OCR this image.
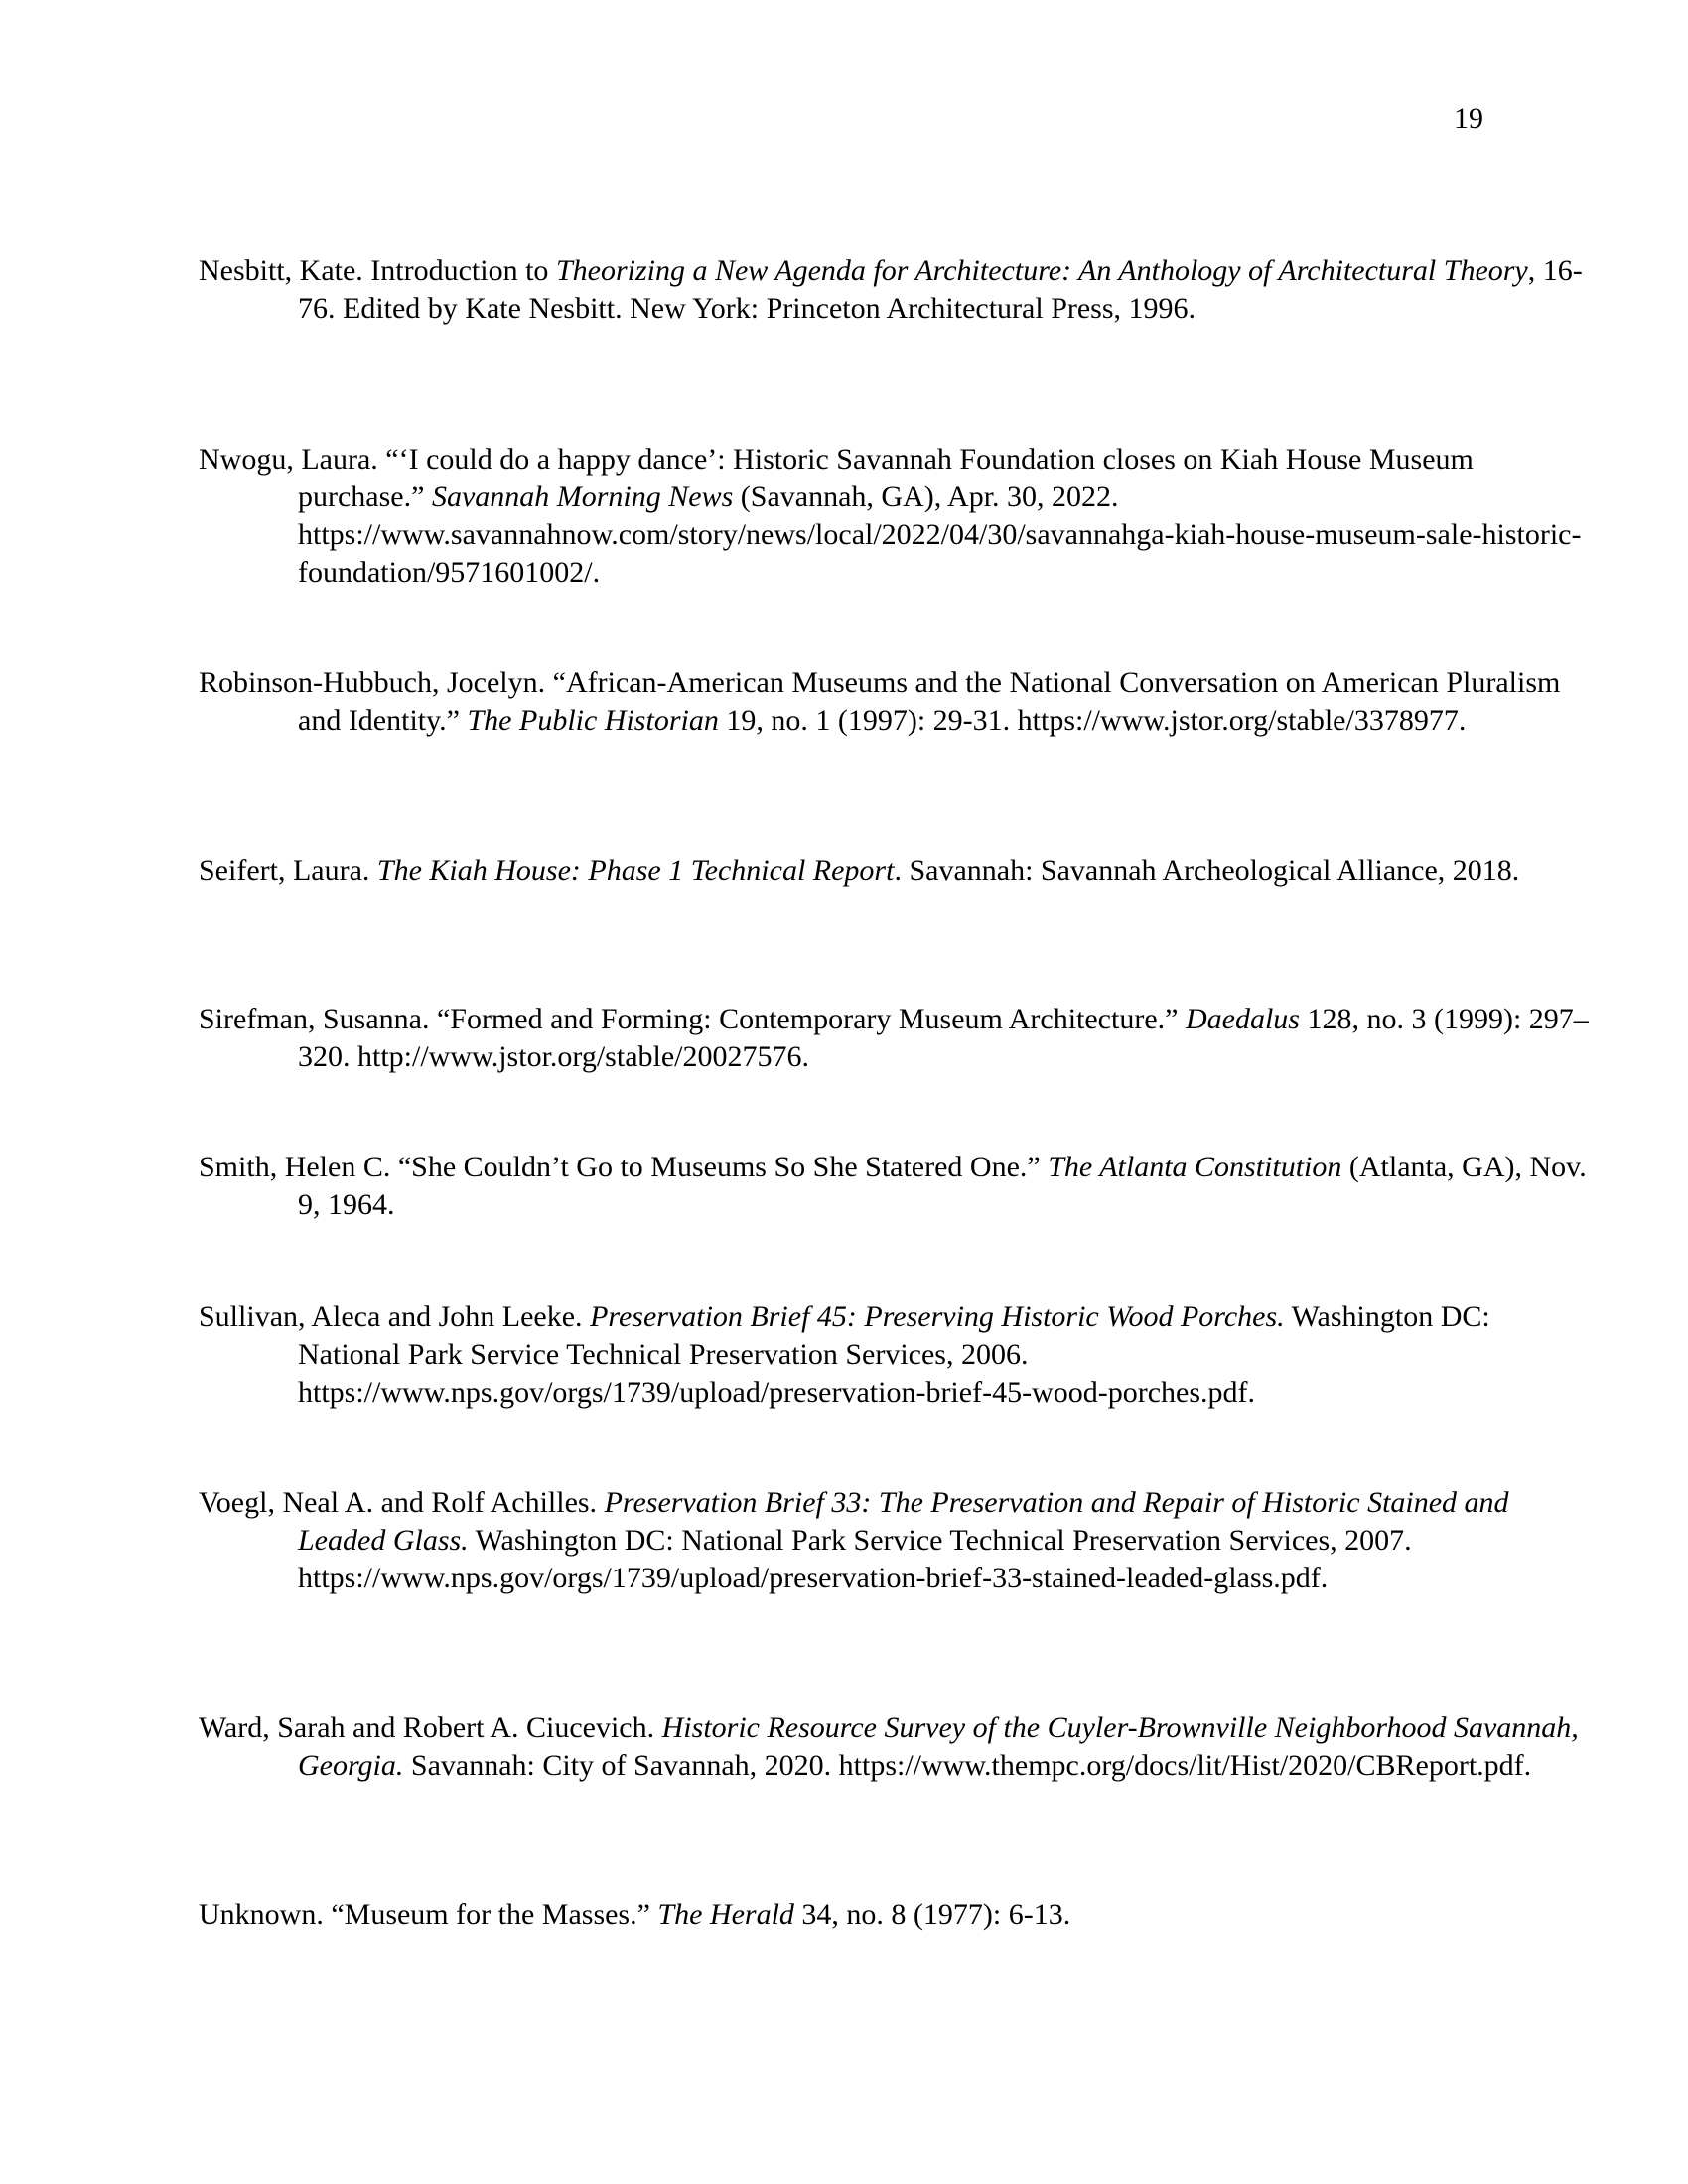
19

Nesbitt, Kate. Introduction to Theorizing a New Agenda for Architecture: An Anthology of Architectural Theory, 16-76. Edited by Kate Nesbitt. New York: Princeton Architectural Press, 1996.

Nwogu, Laura. “‘I could do a happy dance’: Historic Savannah Foundation closes on Kiah House Museum purchase.” Savannah Morning News (Savannah, GA), Apr. 30, 2022. https://www.savannahnow.com/story/news/local/2022/04/30/savannahga-kiah-house-museum-sale-historic-foundation/9571601002/.

Robinson-Hubbuch, Jocelyn. “African-American Museums and the National Conversation on American Pluralism and Identity.” The Public Historian 19, no. 1 (1997): 29-31. https://www.jstor.org/stable/3378977.

Seifert, Laura. The Kiah House: Phase 1 Technical Report. Savannah: Savannah Archeological Alliance, 2018.

Sirefman, Susanna. “Formed and Forming: Contemporary Museum Architecture.” Daedalus 128, no. 3 (1999): 297–320. http://www.jstor.org/stable/20027576.

Smith, Helen C. “She Couldn’t Go to Museums So She Statered One.” The Atlanta Constitution (Atlanta, GA), Nov. 9, 1964.

Sullivan, Aleca and John Leeke. Preservation Brief 45: Preserving Historic Wood Porches. Washington DC: National Park Service Technical Preservation Services, 2006. https://www.nps.gov/orgs/1739/upload/preservation-brief-45-wood-porches.pdf.

Voegl, Neal A. and Rolf Achilles. Preservation Brief 33: The Preservation and Repair of Historic Stained and Leaded Glass. Washington DC: National Park Service Technical Preservation Services, 2007. https://www.nps.gov/orgs/1739/upload/preservation-brief-33-stained-leaded-glass.pdf.

Ward, Sarah and Robert A. Ciucevich. Historic Resource Survey of the Cuyler-Brownville Neighborhood Savannah, Georgia. Savannah: City of Savannah, 2020. https://www.thempc.org/docs/lit/Hist/2020/CBReport.pdf.

Unknown. “Museum for the Masses.” The Herald 34, no. 8 (1977): 6-13.
